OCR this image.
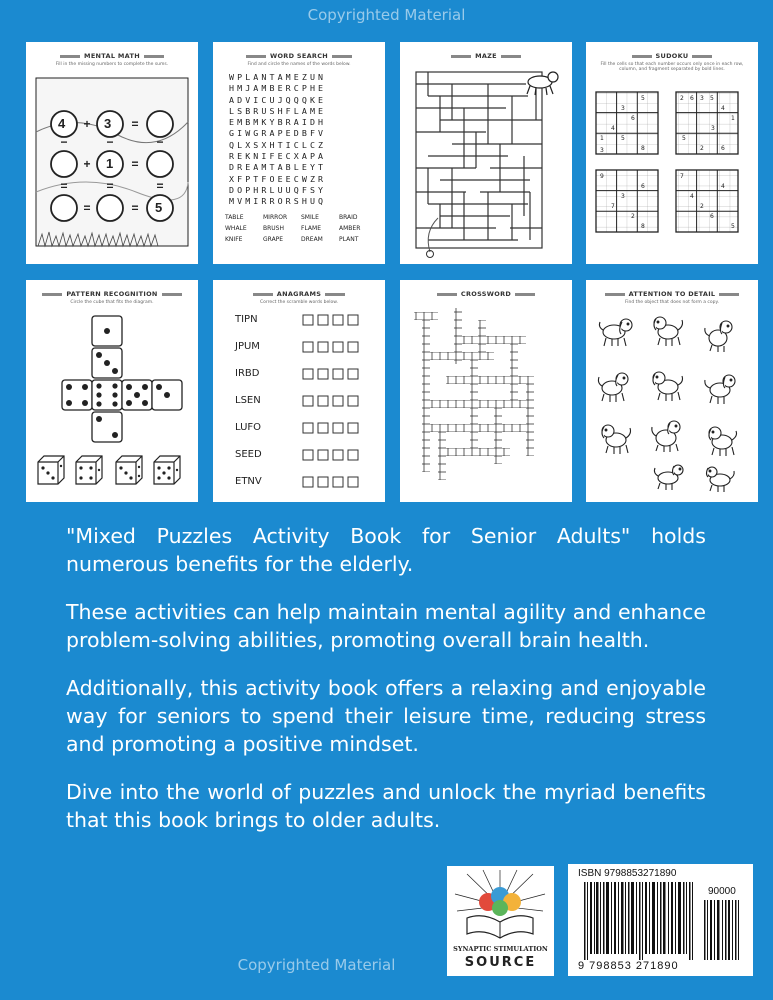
Copyrighted Material
MENTAL MATH
Fill in the missing numbers to complete the sums.
+	=
+	=
=	=
−	−	−
=	=	=
4	3
1
5
WORD SEARCH
Find and circle the names of the words below.
WPLANTAMEZUN
HMJAMBERCPHE
ADVICUJQQQKE
LSBRUSHFLAME
EMBMKYBRAIDH
GIWGRAPEDBFV
QLXSXHTICLCZ
REKNIFECXAPA
DREAMTABLEYT
XFPTFOEECWZR
DOPHRLUUQFSY
MVMIRRORSHUQ
TABLE	MIRROR	SMILE	BRAID
WHALE	BRUSH	FLAME	AMBER
KNIFE	GRAPE	DREAM	PLANT
MAZE	SUDOKU
Fill the cells so that each number occurs only once in each row, column, and fragment separated by bold lines.
5
3
6
4
1	5
8
3
2 6 3 5
4
1
3
5
2	6
9
6
3
7
2
8
7
4
4
2
6
5
PATTERN RECOGNITION
Circle the cube that fits the diagram.
ANAGRAMS
Correct the scramble words below.
TIPN
JPUM
IRBD
LSEN
LUFO
SEED
ETNV
CROSSWORD	ATTENTION TO DETAIL
Find the object that does not form a copy.

"Mixed Puzzles Activity Book for Senior Adults" holds numerous benefits for the elderly.

These activities can help maintain mental agility and enhance problem-solving abilities, promoting overall brain health.

Additionally, this activity book offers a relaxing and enjoyable way for seniors to spend their leisure time, reducing stress and promoting a positive mindset.

Dive into the world of puzzles and unlock the myriad benefits that this book brings to older adults.

SYNAPTIC STIMULATION
SOURCE
ISBN 9798853271890
90000
9 798853 271890
Copyrighted Material
